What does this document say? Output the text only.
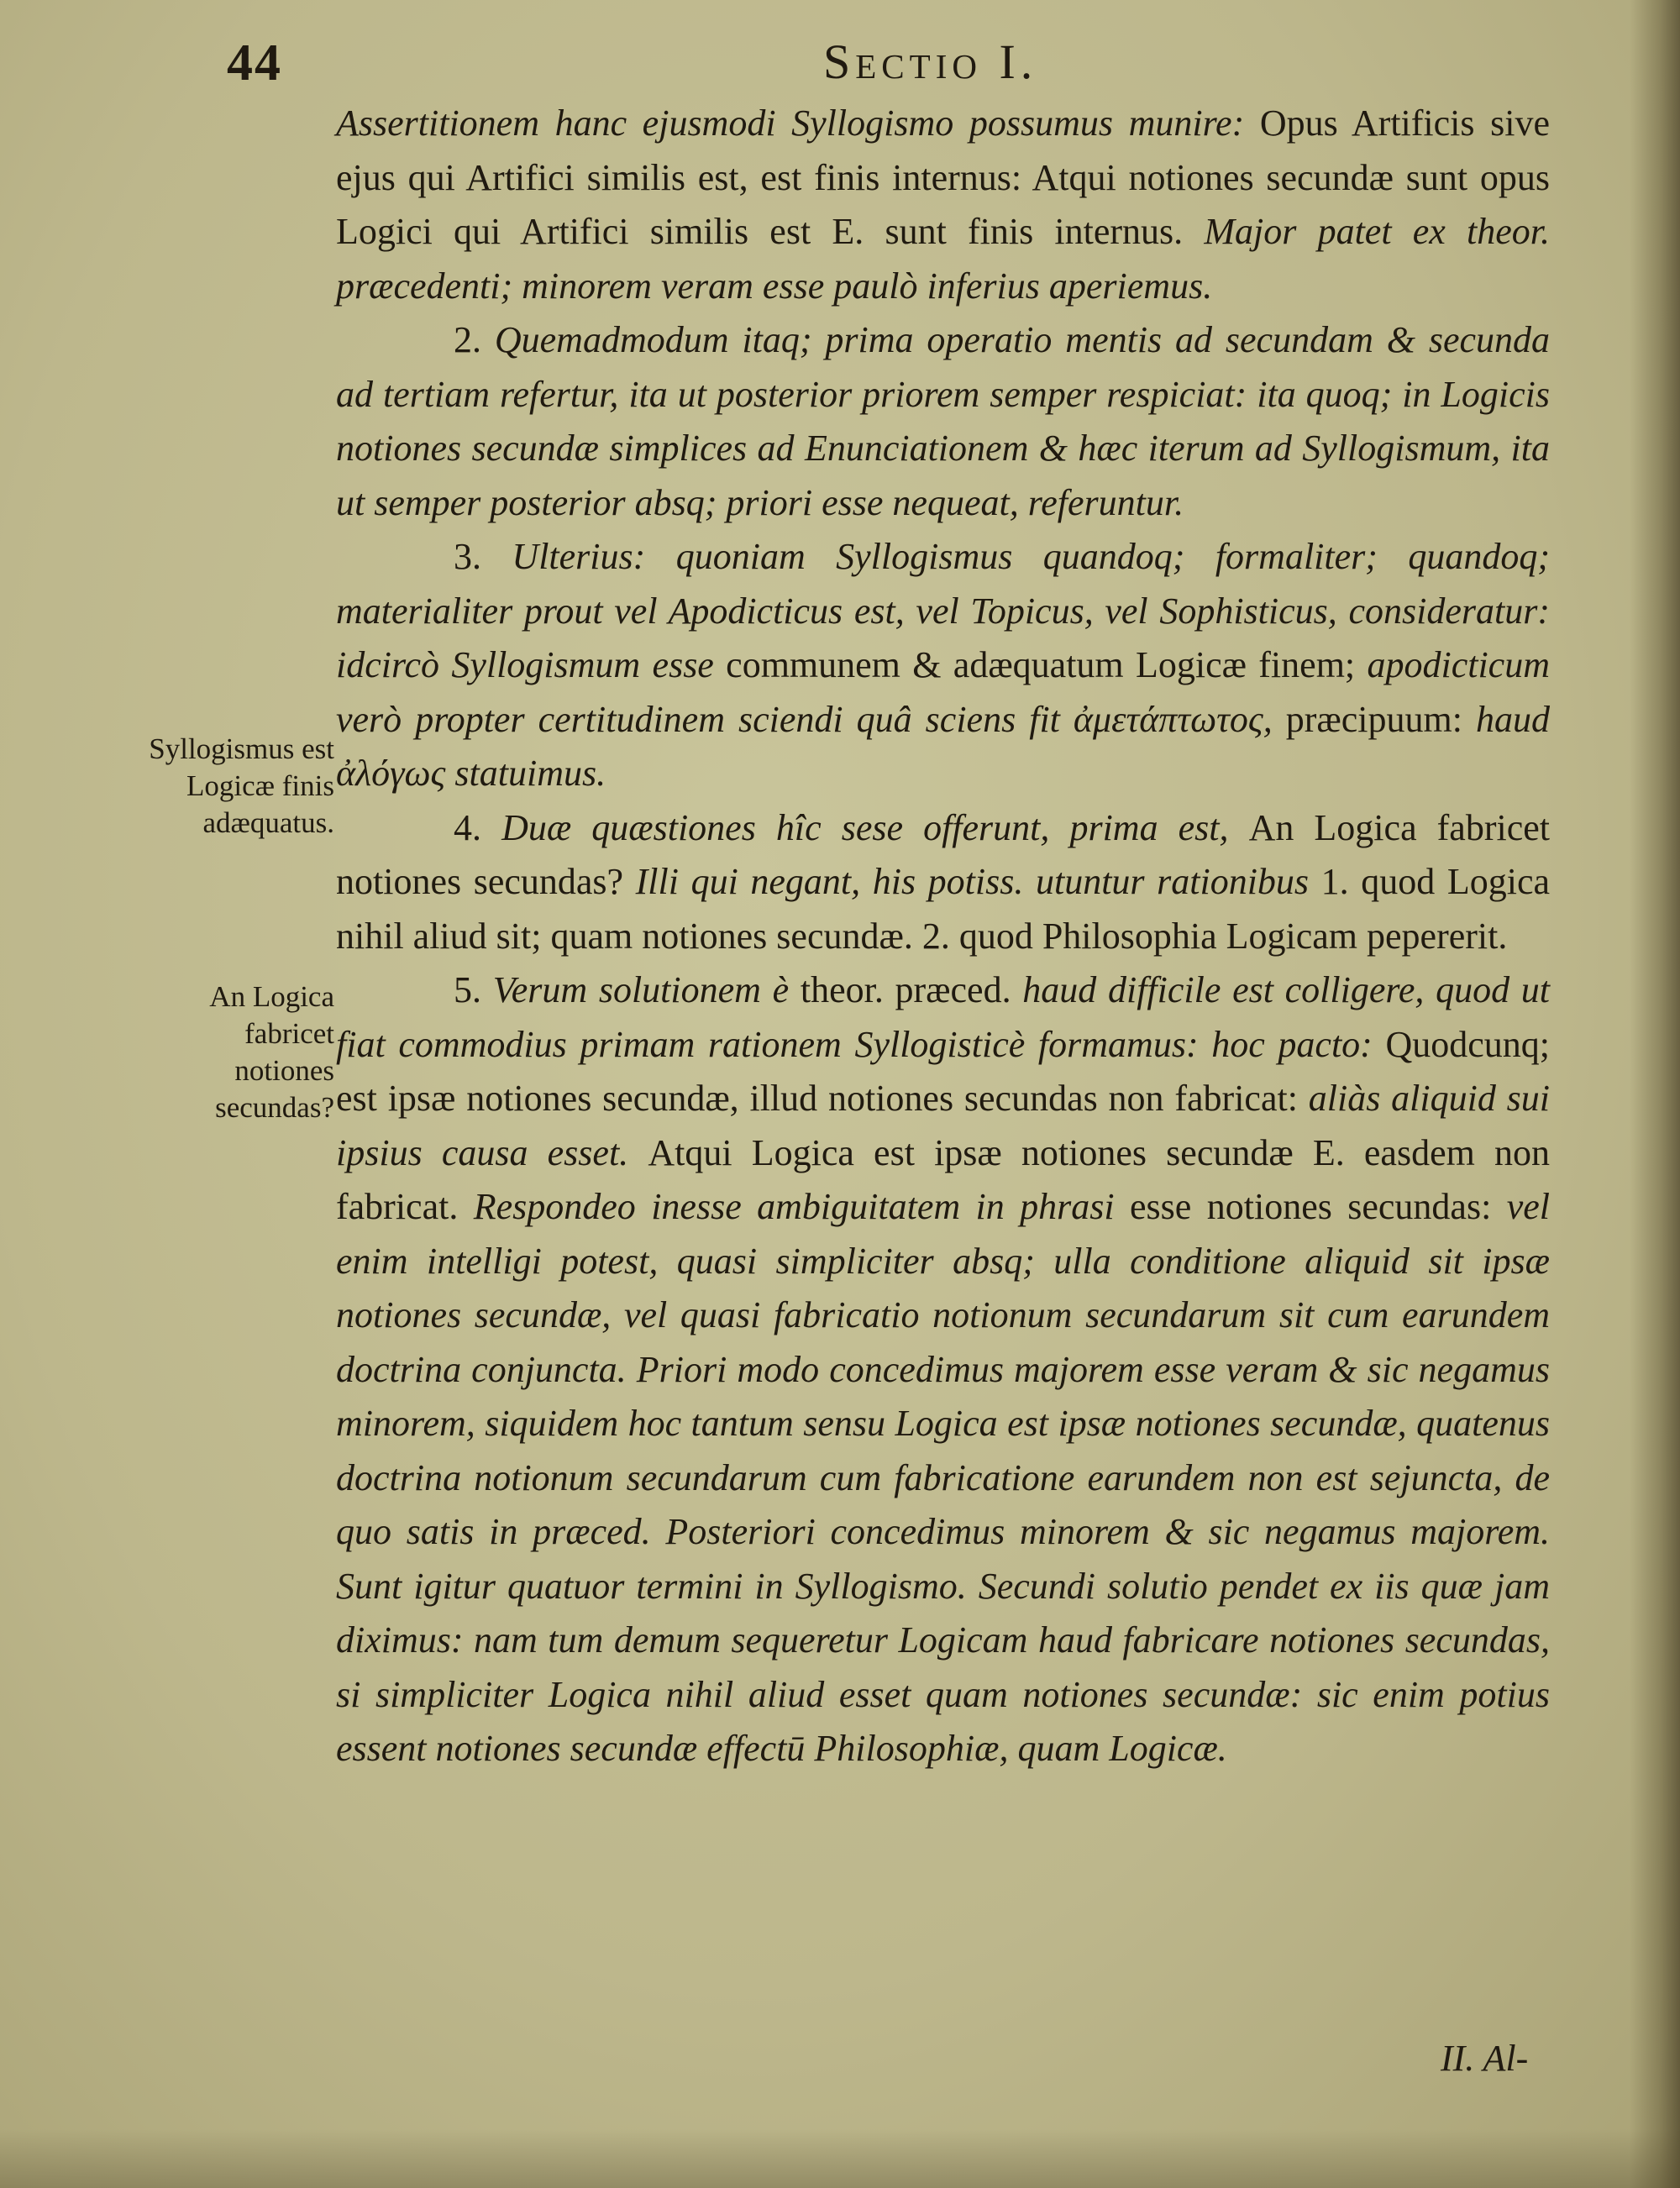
44	Sectio I.

Assertitionem hanc ejusmodi Syllogismo possumus munire: Opus Artificis sive ejus qui Artifici similis est, est finis internus: Atqui notiones secundæ sunt opus Logici qui Artifici similis est E. sunt finis internus. Major patet ex theor. præcedenti; minorem veram esse paulò inferius aperiemus.

2. Quemadmodum itaq; prima operatio mentis ad secundam & secunda ad tertiam refertur, ita ut posterior priorem semper respiciat: ita quoq; in Logicis notiones secundæ simplices ad Enunciationem & hæc iterum ad Syllogismum, ita ut semper posterior absq; priori esse nequeat, referuntur.

3. Ulterius: quoniam Syllogismus quandoq; formaliter; quandoq; materialiter prout vel Apodicticus est, vel Topicus, vel Sophisticus, consideratur: idcircò Syllogismum esse communem & adæquatum Logicæ finem; apodicticum verò propter certitudinem sciendi quâ sciens fit ἀμετάπτωτος, præcipuum: haud ἀλόγως statuimus.

4. Duæ quæstiones hîc sese offerunt, prima est, An Logica fabricet notiones secundas? Illi qui negant, his potiss. utuntur rationibus 1. quod Logica nihil aliud sit; quam notiones secundæ. 2. quod Philosophia Logicam pepererit.

5. Verum solutionem è theor. præced. haud difficile est colligere, quod ut fiat commodius primam rationem Syllogisticè formamus: hoc pacto: Quodcunq; est ipsæ notiones secundæ, illud notiones secundas non fabricat: aliàs aliquid sui ipsius causa esset. Atqui Logica est ipsæ notiones secundæ E. easdem non fabricat. Respondeo inesse ambiguitatem in phrasi esse notiones secundas: vel enim intelligi potest, quasi simpliciter absq; ulla conditione aliquid sit ipsæ notiones secundæ, vel quasi fabricatio notionum secundarum sit cum earundem doctrina conjuncta. Priori modo concedimus majorem esse veram & sic negamus minorem, siquidem hoc tantum sensu Logica est ipsæ notiones secundæ, quatenus doctrina notionum secundarum cum fabricatione earundem non est sejuncta, de quo satis in præced. Posteriori concedimus minorem & sic negamus majorem. Sunt igitur quatuor termini in Syllogismo. Secundi solutio pendet ex iis quæ jam diximus: nam tum demum sequeretur Logicam haud fabricare notiones secundas, si simpliciter Logica nihil aliud esset quam notiones secundæ: sic enim potius essent notiones secundæ effectū Philosophiæ, quam Logicæ.

Syllogismus est Logicæ finis adæquatus.
An Logica fabricet notiones secundas?
II. Al-
